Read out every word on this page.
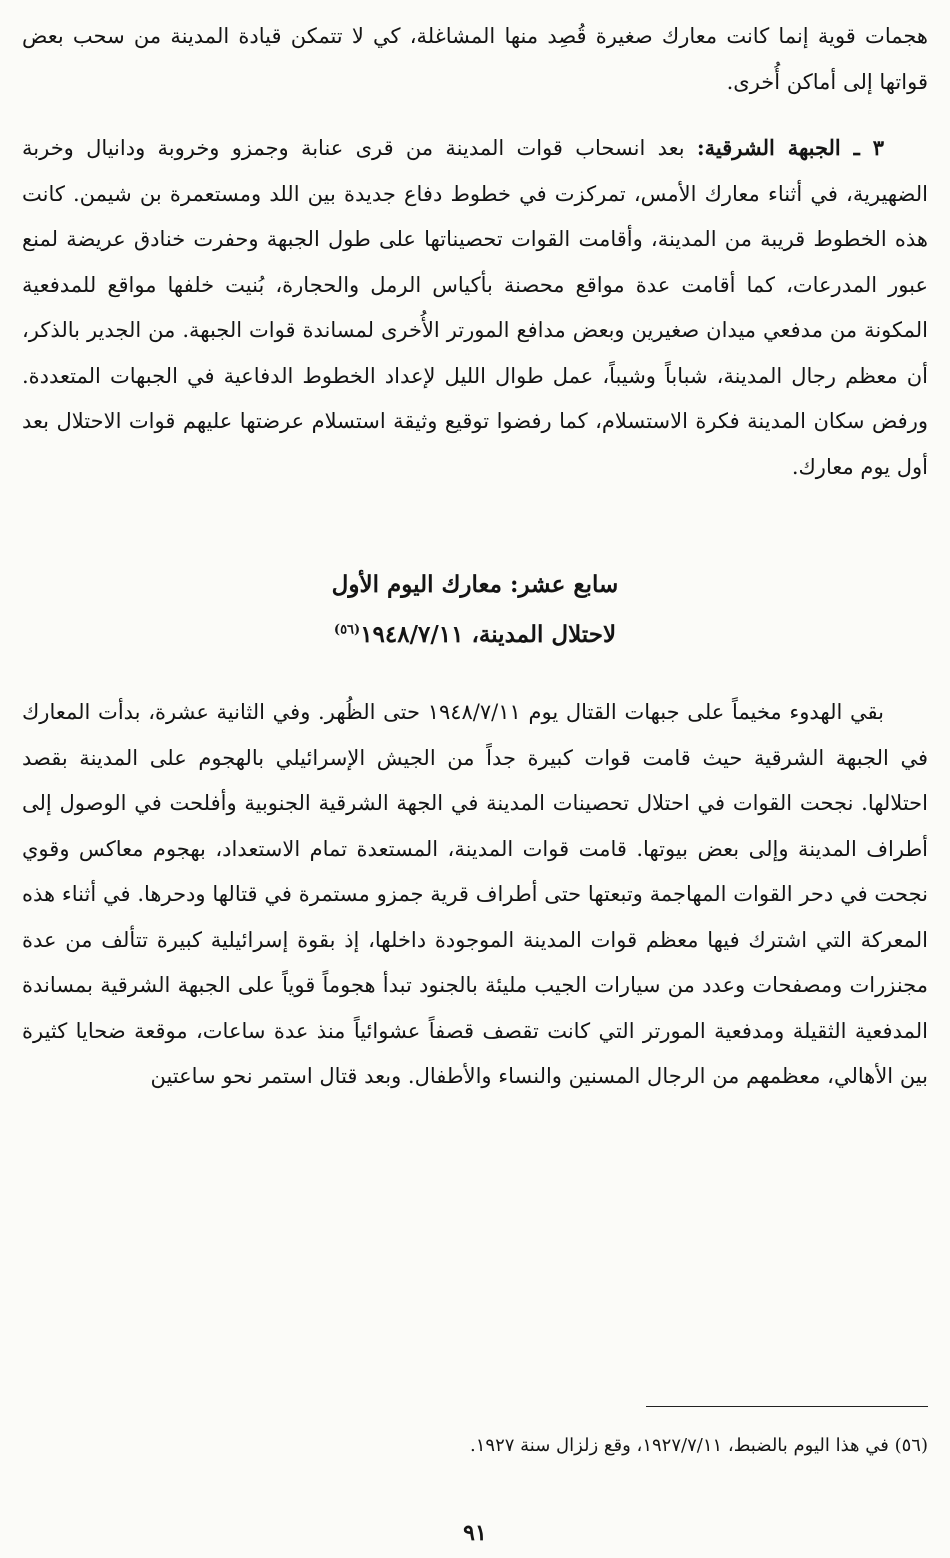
هجمات قوية إنما كانت معارك صغيرة قُصِد منها المشاغلة، كي لا تتمكن قيادة المدينة من سحب بعض قواتها إلى أماكن أُخرى.

٣ ـ الجبهة الشرقية: بعد انسحاب قوات المدينة من قرى عنابة وجمزو وخروبة ودانيال وخربة الضهيرية، في أثناء معارك الأمس، تمركزت في خطوط دفاع جديدة بين اللد ومستعمرة بن شيمن. كانت هذه الخطوط قريبة من المدينة، وأقامت القوات تحصيناتها على طول الجبهة وحفرت خنادق عريضة لمنع عبور المدرعات، كما أقامت عدة مواقع محصنة بأكياس الرمل والحجارة، بُنيت خلفها مواقع للمدفعية المكونة من مدفعي ميدان صغيرين وبعض مدافع المورتر الأُخرى لمساندة قوات الجبهة. من الجدير بالذكر، أن معظم رجال المدينة، شباباً وشيباً، عمل طوال الليل لإعداد الخطوط الدفاعية في الجبهات المتعددة. ورفض سكان المدينة فكرة الاستسلام، كما رفضوا توقيع وثيقة استسلام عرضتها عليهم قوات الاحتلال بعد أول يوم معارك.

سابع عشر: معارك اليوم الأول
لاحتلال المدينة، ١٩٤٨/٧/١١$^{(٥٦)}$

بقي الهدوء مخيماً على جبهات القتال يوم ١٩٤٨/٧/١١ حتى الظُهر. وفي الثانية عشرة، بدأت المعارك في الجبهة الشرقية حيث قامت قوات كبيرة جداً من الجيش الإسرائيلي بالهجوم على المدينة بقصد احتلالها. نجحت القوات في احتلال تحصينات المدينة في الجهة الشرقية الجنوبية وأفلحت في الوصول إلى أطراف المدينة وإلى بعض بيوتها. قامت قوات المدينة، المستعدة تمام الاستعداد، بهجوم معاكس وقوي نجحت في دحر القوات المهاجمة وتبعتها حتى أطراف قرية جمزو مستمرة في قتالها ودحرها. في أثناء هذه المعركة التي اشترك فيها معظم قوات المدينة الموجودة داخلها، إذ بقوة إسرائيلية كبيرة تتألف من عدة مجنزرات ومصفحات وعدد من سيارات الجيب مليئة بالجنود تبدأ هجوماً قوياً على الجبهة الشرقية بمساندة المدفعية الثقيلة ومدفعية المورتر التي كانت تقصف قصفاً عشوائياً منذ عدة ساعات، موقعة ضحايا كثيرة بين الأهالي، معظمهم من الرجال المسنين والنساء والأطفال. وبعد قتال استمر نحو ساعتين

(٥٦) في هذا اليوم بالضبط، ١٩٢٧/٧/١١، وقع زلزال سنة ١٩٢٧.

٩١
